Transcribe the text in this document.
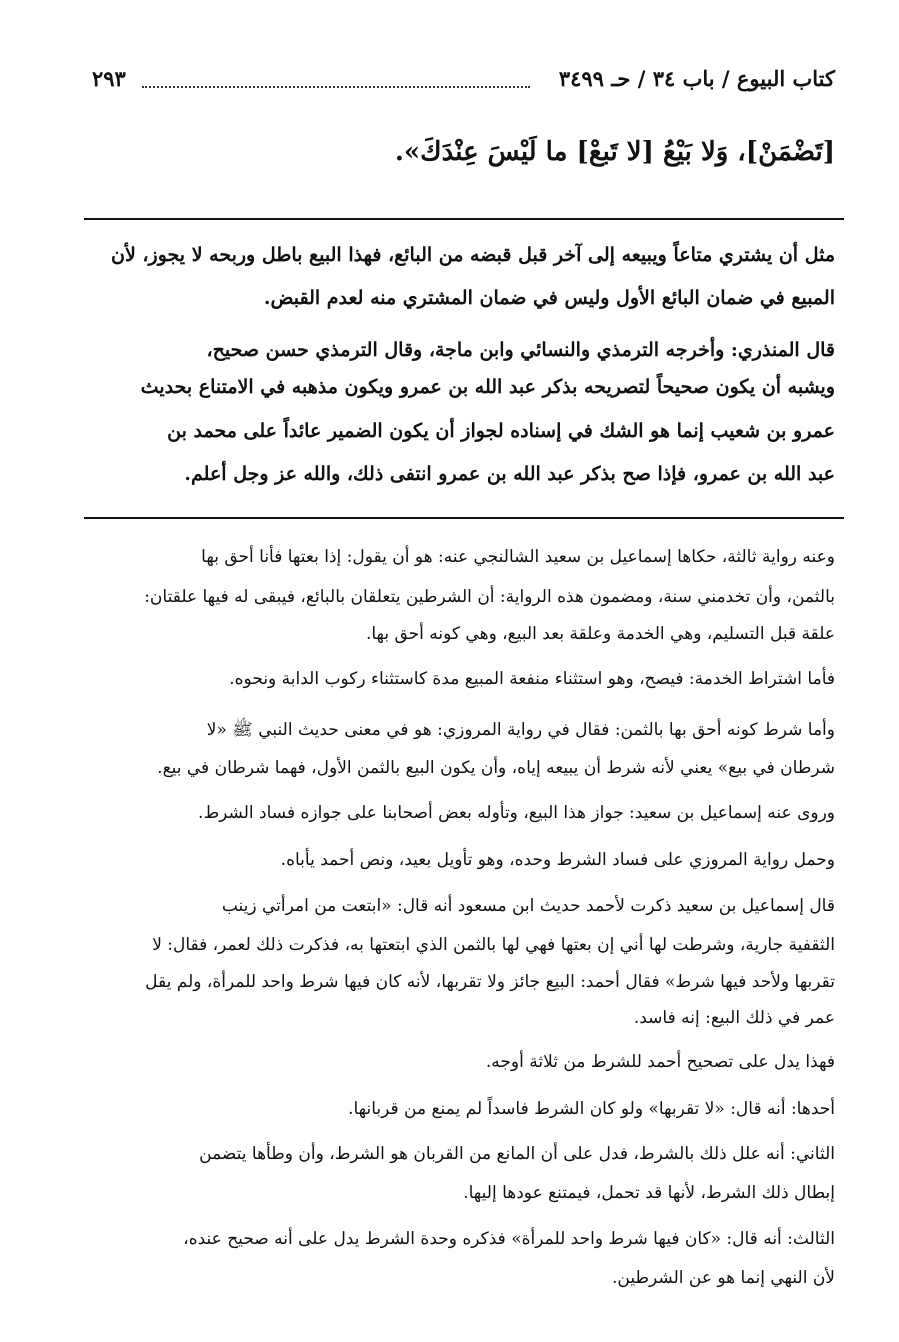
كتاب البيوع / باب ٣٤ / حـ ٣٤٩٩
٢٩٣
[تَضْمَنْ]، وَلا بَيْعُ [لا تَبعْ] ما لَيْسَ عِنْدَكَ».
مثل أن يشتري متاعاً ويبيعه إلى آخر قبل قبضه من البائع، فهذا البيع باطل وربحه لا يجوز، لأن
المبيع في ضمان البائع الأول وليس في ضمان المشتري منه لعدم القبض.
قال المنذري: وأخرجه الترمذي والنسائي وابن ماجة، وقال الترمذي حسن صحيح،
ويشبه أن يكون صحيحاً لتصريحه بذكر عبد الله بن عمرو ويكون مذهبه في الامتناع بحديث
عمرو بن شعيب إنما هو الشك في إسناده لجواز أن يكون الضمير عائداً على محمد بن
عبد الله بن عمرو، فإذا صح بذكر عبد الله بن عمرو انتفى ذلك، والله عز وجل أعلم.
وعنه رواية ثالثة، حكاها إسماعيل بن سعيد الشالنجي عنه: هو أن يقول: إذا بعتها فأنا أحق بها
بالثمن، وأن تخدمني سنة، ومضمون هذه الرواية: أن الشرطين يتعلقان بالبائع، فيبقى له فيها علقتان:
علقة قبل التسليم، وهي الخدمة وعلقة بعد البيع، وهي كونه أحق بها.
فأما اشتراط الخدمة: فيصح، وهو استثناء منفعة المبيع مدة كاستثناء ركوب الدابة ونحوه.
وأما شرط كونه أحق بها بالثمن: فقال في رواية المروزي: هو في معنى حديث النبي ﷺ «لا
شرطان في بيع» يعني لأنه شرط أن يبيعه إياه، وأن يكون البيع بالثمن الأول، فهما شرطان في بيع.
وروى عنه إسماعيل بن سعيد: جواز هذا البيع، وتأوله بعض أصحابنا على جوازه فساد الشرط.
وحمل رواية المروزي على فساد الشرط وحده، وهو تأويل بعيد، ونص أحمد يأباه.
قال إسماعيل بن سعيد ذكرت لأحمد حديث ابن مسعود أنه قال: «ابتعت من امرأتي زينب
الثقفية جارية، وشرطت لها أني إن بعتها فهي لها بالثمن الذي ابتعتها به، فذكرت ذلك لعمر، فقال: لا
تقربها ولأحد فيها شرط» فقال أحمد: البيع جائز ولا تقربها، لأنه كان فيها شرط واحد للمرأة، ولم يقل
عمر في ذلك البيع: إنه فاسد.
فهذا يدل على تصحيح أحمد للشرط من ثلاثة أوجه.
أحدها: أنه قال: «لا تقربها» ولو كان الشرط فاسداً لم يمنع من قربانها.
الثاني: أنه علل ذلك بالشرط، فدل على أن المانع من القربان هو الشرط، وأن وطأها يتضمن
إبطال ذلك الشرط، لأنها قد تحمل، فيمتنع عودها إليها.
الثالث: أنه قال: «كان فيها شرط واحد للمرأة» فذكره وحدة الشرط يدل على أنه صحيح عنده،
لأن النهي إنما هو عن الشرطين.
